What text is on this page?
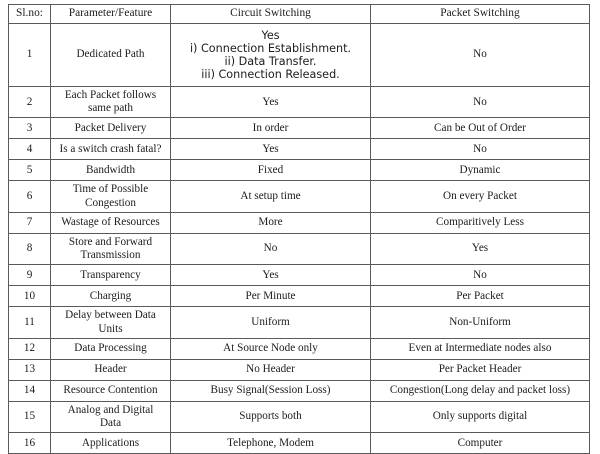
Sl.no:	Parameter/Feature	Circuit Switching	Packet Switching
1	Dedicated Path	Yes
i) Connection Establishment.
ii) Data Transfer.
iii) Connection Released.	No
2	Each Packet follows
same path	Yes	No
3	Packet Delivery	In order	Can be Out of Order
4	Is a switch crash fatal?	Yes	No
5	Bandwidth	Fixed	Dynamic
6	Time of Possible
Congestion	At setup time	On every Packet
7	Wastage of Resources	More	Comparitively Less
8	Store and Forward
Transmission	No	Yes
9	Transparency	Yes	No
10	Charging	Per Minute	Per Packet
11	Delay between Data
Units	Uniform	Non-Uniform
12	Data Processing	At Source Node only	Even at Intermediate nodes also
13	Header	No Header	Per Packet Header
14	Resource Contention	Busy Signal(Session Loss)	Congestion(Long delay and packet loss)
15	Analog and Digital
Data	Supports both	Only supports digital
16	Applications	Telephone, Modem	Computer
